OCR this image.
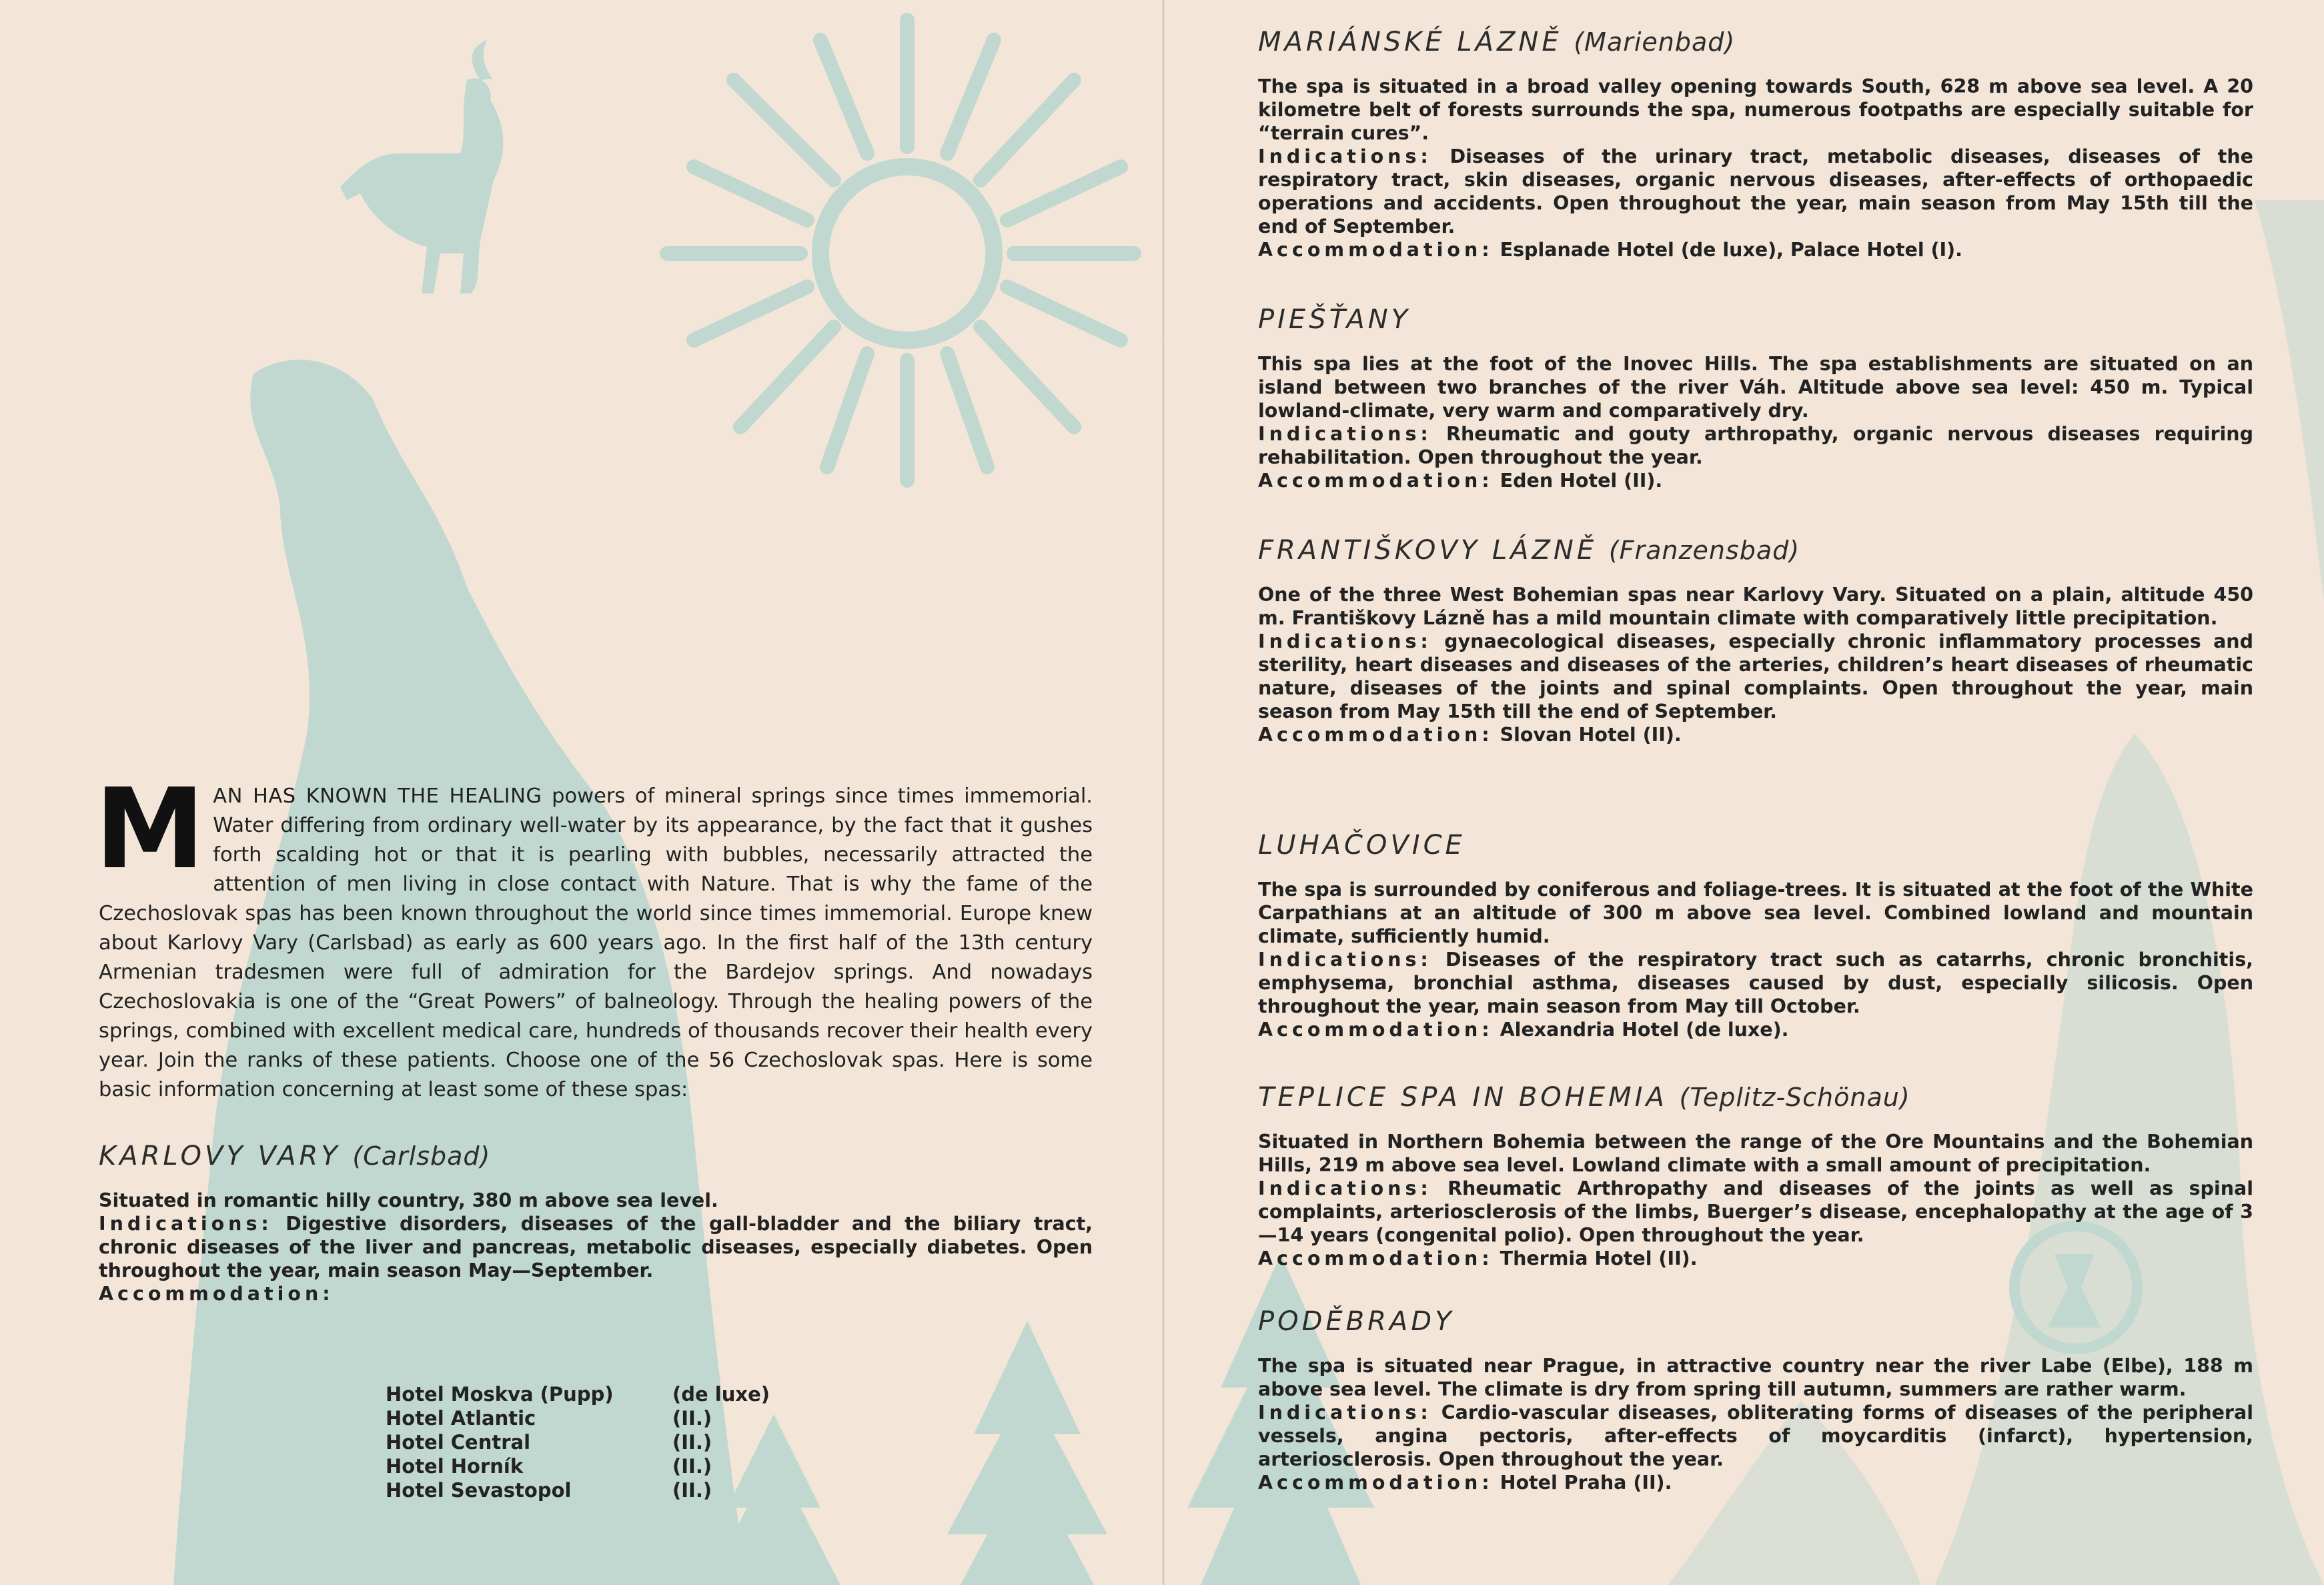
MAN HAS KNOWN THE HEALING powers of mineral springs since times immemorial. Water differing from ordinary well-water by its appearance, by the fact that it gushes forth scalding hot or that it is pearling with bubbles, necessarily attracted the attention of men living in close contact with Nature. That is why the fame of the Czechoslovak spas has been known throughout the world since times immemorial. Europe knew about Karlovy Vary (Carlsbad) as early as 600 years ago. In the first half of the 13th century Armenian tradesmen were full of admiration for the Bardejov springs. And nowadays Czechoslovakia is one of the “Great Powers” of balneology. Through the healing powers of the springs, combined with excellent medical care, hundreds of thousands recover their health every year. Join the ranks of these patients. Choose one of the 56 Czechoslovak spas. Here is some basic information concerning at least some of these spas:

KARLOVY VARY (Carlsbad)

Situated in romantic hilly country, 380 m above sea level.
Indications: Digestive disorders, diseases of the gall-bladder and the biliary tract, chronic diseases of the liver and pancreas, metabolic diseases, especially diabetes. Open throughout the year, main season May—September.
Accommodation:

Hotel Moskva (Pupp)	(de luxe)
Hotel Atlantic	(II.)
Hotel Central	(II.)
Hotel Horník	(II.)
Hotel Sevastopol	(II.)
MARIÁNSKÉ LÁZNĚ (Marienbad)

The spa is situated in a broad valley opening towards South, 628 m above sea level. A 20 kilometre belt of forests surrounds the spa, numerous footpaths are especially suitable for “terrain cures”.
Indications: Diseases of the urinary tract, metabolic diseases, diseases of the respiratory tract, skin diseases, organic nervous diseases, after-effects of orthopaedic operations and accidents. Open throughout the year, main season from May 15th till the end of September.
Accommodation: Esplanade Hotel (de luxe), Palace Hotel (I).

PIEŠŤANY

This spa lies at the foot of the Inovec Hills. The spa establishments are situated on an island between two branches of the river Váh. Altitude above sea level: 450 m. Typical lowland-climate, very warm and comparatively dry.
Indications: Rheumatic and gouty arthropathy, organic nervous diseases requiring rehabilitation. Open throughout the year.
Accommodation: Eden Hotel (II).

FRANTIŠKOVY LÁZNĚ (Franzensbad)

One of the three West Bohemian spas near Karlovy Vary. Situated on a plain, altitude 450 m. Františkovy Lázně has a mild mountain climate with comparatively little precipitation.
Indications: gynaecological diseases, especially chronic inflammatory processes and sterility, heart diseases and diseases of the arteries, children’s heart diseases of rheumatic nature, diseases of the joints and spinal complaints. Open throughout the year, main season from May 15th till the end of September.
Accommodation: Slovan Hotel (II).

LUHAČOVICE

The spa is surrounded by coniferous and foliage-trees. It is situated at the foot of the White Carpathians at an altitude of 300 m above sea level. Combined lowland and mountain climate, sufficiently humid.
Indications: Diseases of the respiratory tract such as catarrhs, chronic bronchitis, emphysema, bronchial asthma, diseases caused by dust, especially silicosis. Open throughout the year, main season from May till October.
Accommodation: Alexandria Hotel (de luxe).

TEPLICE SPA IN BOHEMIA (Teplitz-Schönau)

Situated in Northern Bohemia between the range of the Ore Mountains and the Bohemian Hills, 219 m above sea level. Lowland climate with a small amount of precipitation.
Indications: Rheumatic Arthropathy and diseases of the joints as well as spinal complaints, arteriosclerosis of the limbs, Buerger’s disease, encephalopathy at the age of 3—14 years (congenital polio). Open throughout the year.
Accommodation: Thermia Hotel (II).

PODĚBRADY

The spa is situated near Prague, in attractive country near the river Labe (Elbe), 188 m above sea level. The climate is dry from spring till autumn, summers are rather warm.
Indications: Cardio-vascular diseases, obliterating forms of diseases of the peripheral vessels, angina pectoris, after-effects of moycarditis (infarct), hypertension, arteriosclerosis. Open throughout the year.
Accommodation: Hotel Praha (II).
